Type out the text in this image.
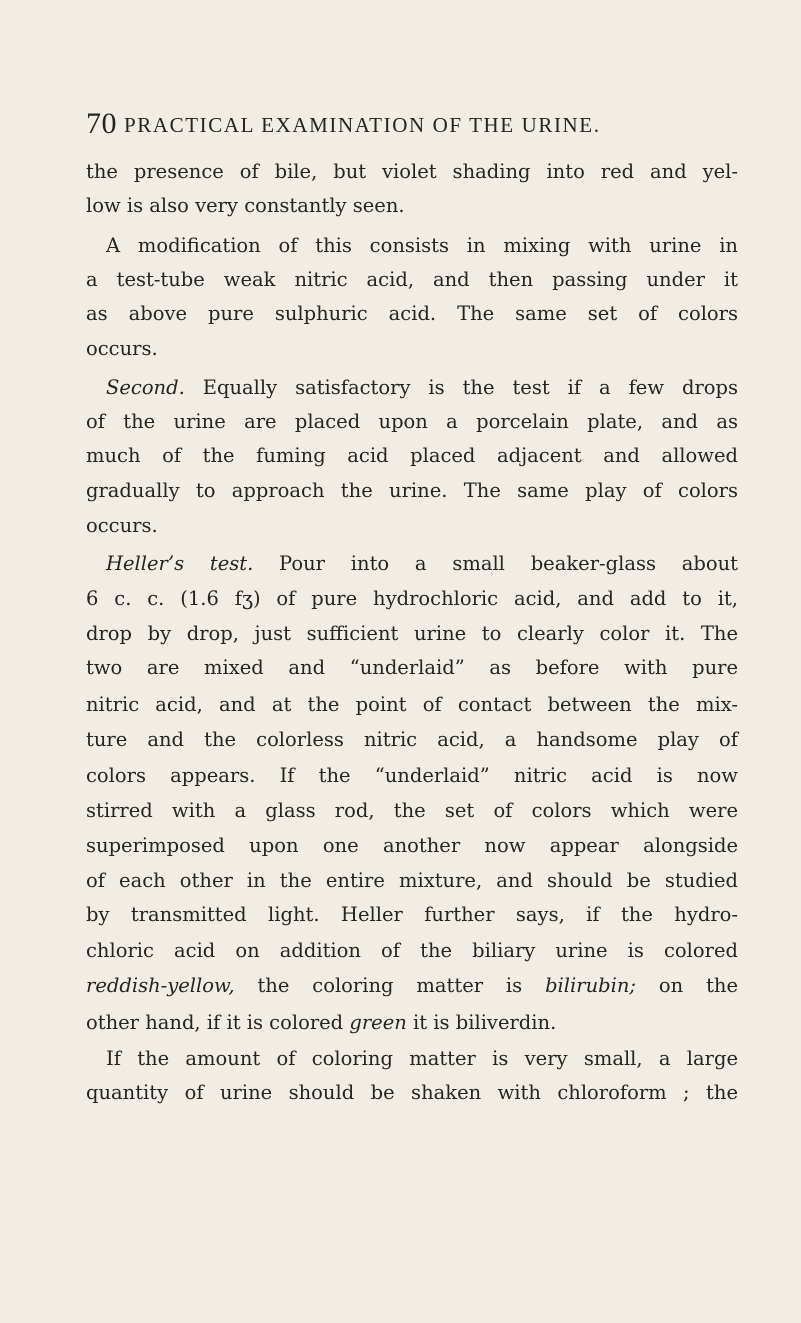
70 PRACTICAL EXAMINATION OF THE URINE.
the presence of bile, but violet shading into red and yel-
low is also very constantly seen.
A modification of this consists in mixing with urine in
a test-tube weak nitric acid, and then passing under it
as above pure sulphuric acid. The same set of colors
occurs.
Second. Equally satisfactory is the test if a few drops
of the urine are placed upon a porcelain plate, and as
much of the fuming acid placed adjacent and allowed
gradually to approach the urine. The same play of colors
occurs.
Heller’s test. Pour into a small beaker-glass about
6 c. c. (1.6 fʒ) of pure hydrochloric acid, and add to it,
drop by drop, just sufficient urine to clearly color it. The
two are mixed and “underlaid” as before with pure
nitric acid, and at the point of contact between the mix-
ture and the colorless nitric acid, a handsome play of
colors appears. If the “underlaid” nitric acid is now
stirred with a glass rod, the set of colors which were
superimposed upon one another now appear alongside
of each other in the entire mixture, and should be studied
by transmitted light. Heller further says, if the hydro-
chloric acid on addition of the biliary urine is colored
reddish-yellow, the coloring matter is bilirubin; on the
other hand, if it is colored green it is biliverdin.
If the amount of coloring matter is very small, a large
quantity of urine should be shaken with chloroform ; the
